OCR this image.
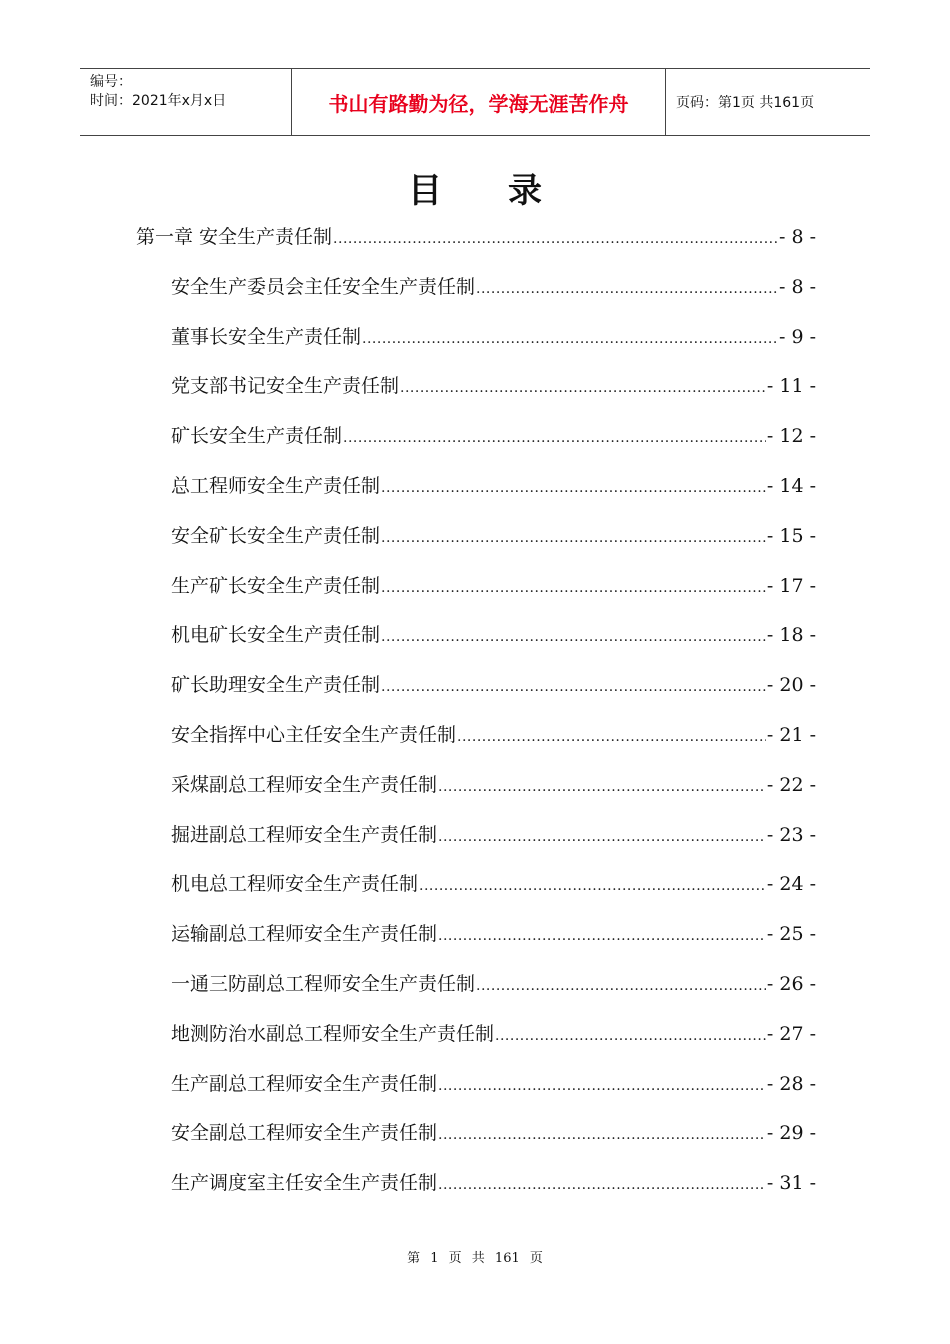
编号：
时间：2021年x月x日	书山有路勤为径，学海无涯苦作舟	页码：第1页 共161页
目录
第一章 安全生产责任制 .....	- 8 -
安全生产委员会主任安全生产责任制 .....	- 8 -
董事长安全生产责任制 .....	- 9 -
党支部书记安全生产责任制 .....	- 11 -
矿长安全生产责任制 .....	- 12 -
总工程师安全生产责任制 .....	- 14 -
安全矿长安全生产责任制 .....	- 15 -
生产矿长安全生产责任制 .....	- 17 -
机电矿长安全生产责任制 .....	- 18 -
矿长助理安全生产责任制 .....	- 20 -
安全指挥中心主任安全生产责任制 .....	- 21 -
采煤副总工程师安全生产责任制 .....	- 22 -
掘进副总工程师安全生产责任制 .....	- 23 -
机电总工程师安全生产责任制 .....	- 24 -
运输副总工程师安全生产责任制 .....	- 25 -
一通三防副总工程师安全生产责任制 .....	- 26 -
地测防治水副总工程师安全生产责任制 .....	- 27 -
生产副总工程师安全生产责任制 .....	- 28 -
安全副总工程师安全生产责任制 .....	- 29 -
生产调度室主任安全生产责任制 .....	- 31 -
第 1 页 共 161 页
